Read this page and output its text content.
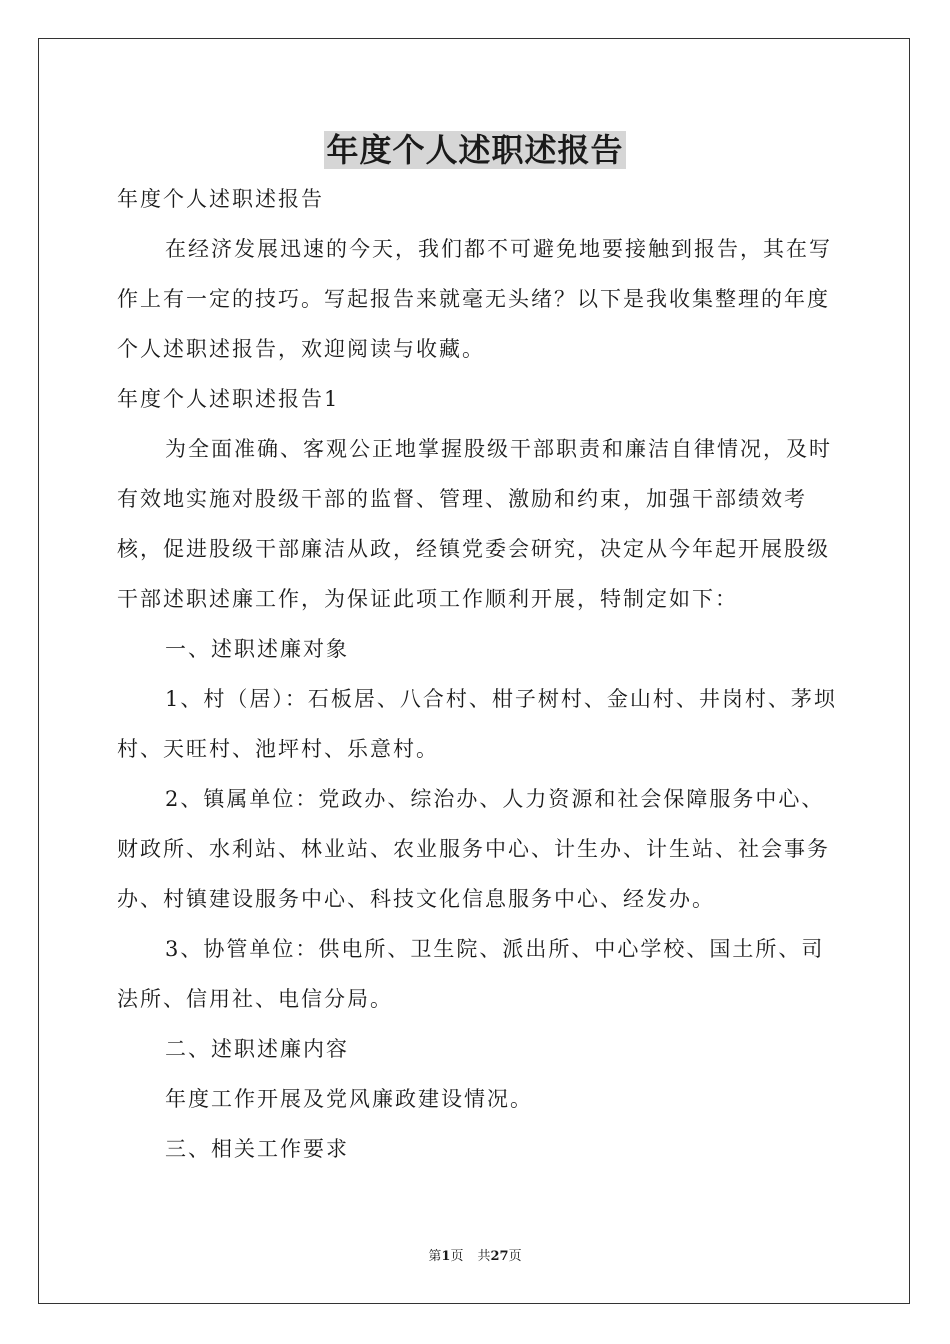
年度个人述职述报告

年度个人述职述报告

在经济发展迅速的今天，我们都不可避免地要接触到报告，其在写作上有一定的技巧。写起报告来就毫无头绪？以下是我收集整理的年度个人述职述报告，欢迎阅读与收藏。

年度个人述职述报告1

为全面准确、客观公正地掌握股级干部职责和廉洁自律情况，及时有效地实施对股级干部的监督、管理、激励和约束，加强干部绩效考核，促进股级干部廉洁从政，经镇党委会研究，决定从今年起开展股级干部述职述廉工作，为保证此项工作顺利开展，特制定如下：

一、述职述廉对象

1、村（居）：石板居、八合村、柑子树村、金山村、井岗村、茅坝村、天旺村、池坪村、乐意村。

2、镇属单位：党政办、综治办、人力资源和社会保障服务中心、财政所、水利站、林业站、农业服务中心、计生办、计生站、社会事务办、村镇建设服务中心、科技文化信息服务中心、经发办。

3、协管单位：供电所、卫生院、派出所、中心学校、国土所、司法所、信用社、电信分局。

二、述职述廉内容

年度工作开展及党风廉政建设情况。

三、相关工作要求

第1页 共27页
